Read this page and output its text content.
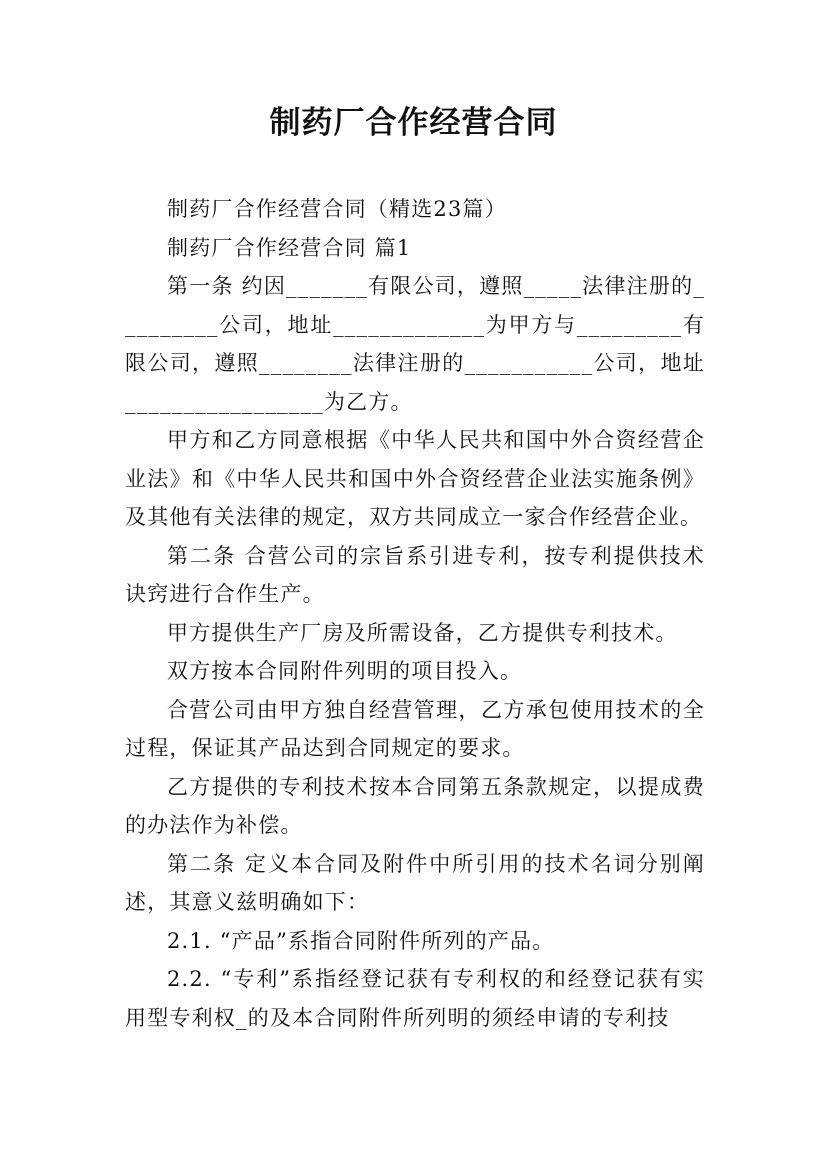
制药厂合作经营合同

制药厂合作经营合同（精选23篇）

制药厂合作经营合同 篇1

第一条 约因_______有限公司，遵照_____法律注册的_________公司，地址_____________为甲方与_________有限公司，遵照________法律注册的___________公司，地址_________________为乙方。

甲方和乙方同意根据《中华人民共和国中外合资经营企业法》和《中华人民共和国中外合资经营企业法实施条例》及其他有关法律的规定，双方共同成立一家合作经营企业。

第二条 合营公司的宗旨系引进专利，按专利提供技术诀窍进行合作生产。

甲方提供生产厂房及所需设备，乙方提供专利技术。

双方按本合同附件列明的项目投入。

合营公司由甲方独自经营管理，乙方承包使用技术的全过程，保证其产品达到合同规定的要求。

乙方提供的专利技术按本合同第五条款规定，以提成费的办法作为补偿。

第二条 定义本合同及附件中所引用的技术名词分别阐述，其意义兹明确如下：

2.1. “产品”系指合同附件所列的产品。

2.2. “专利”系指经登记获有专利权的和经登记获有实用型专利权_的及本合同附件所列明的须经申请的专利技
